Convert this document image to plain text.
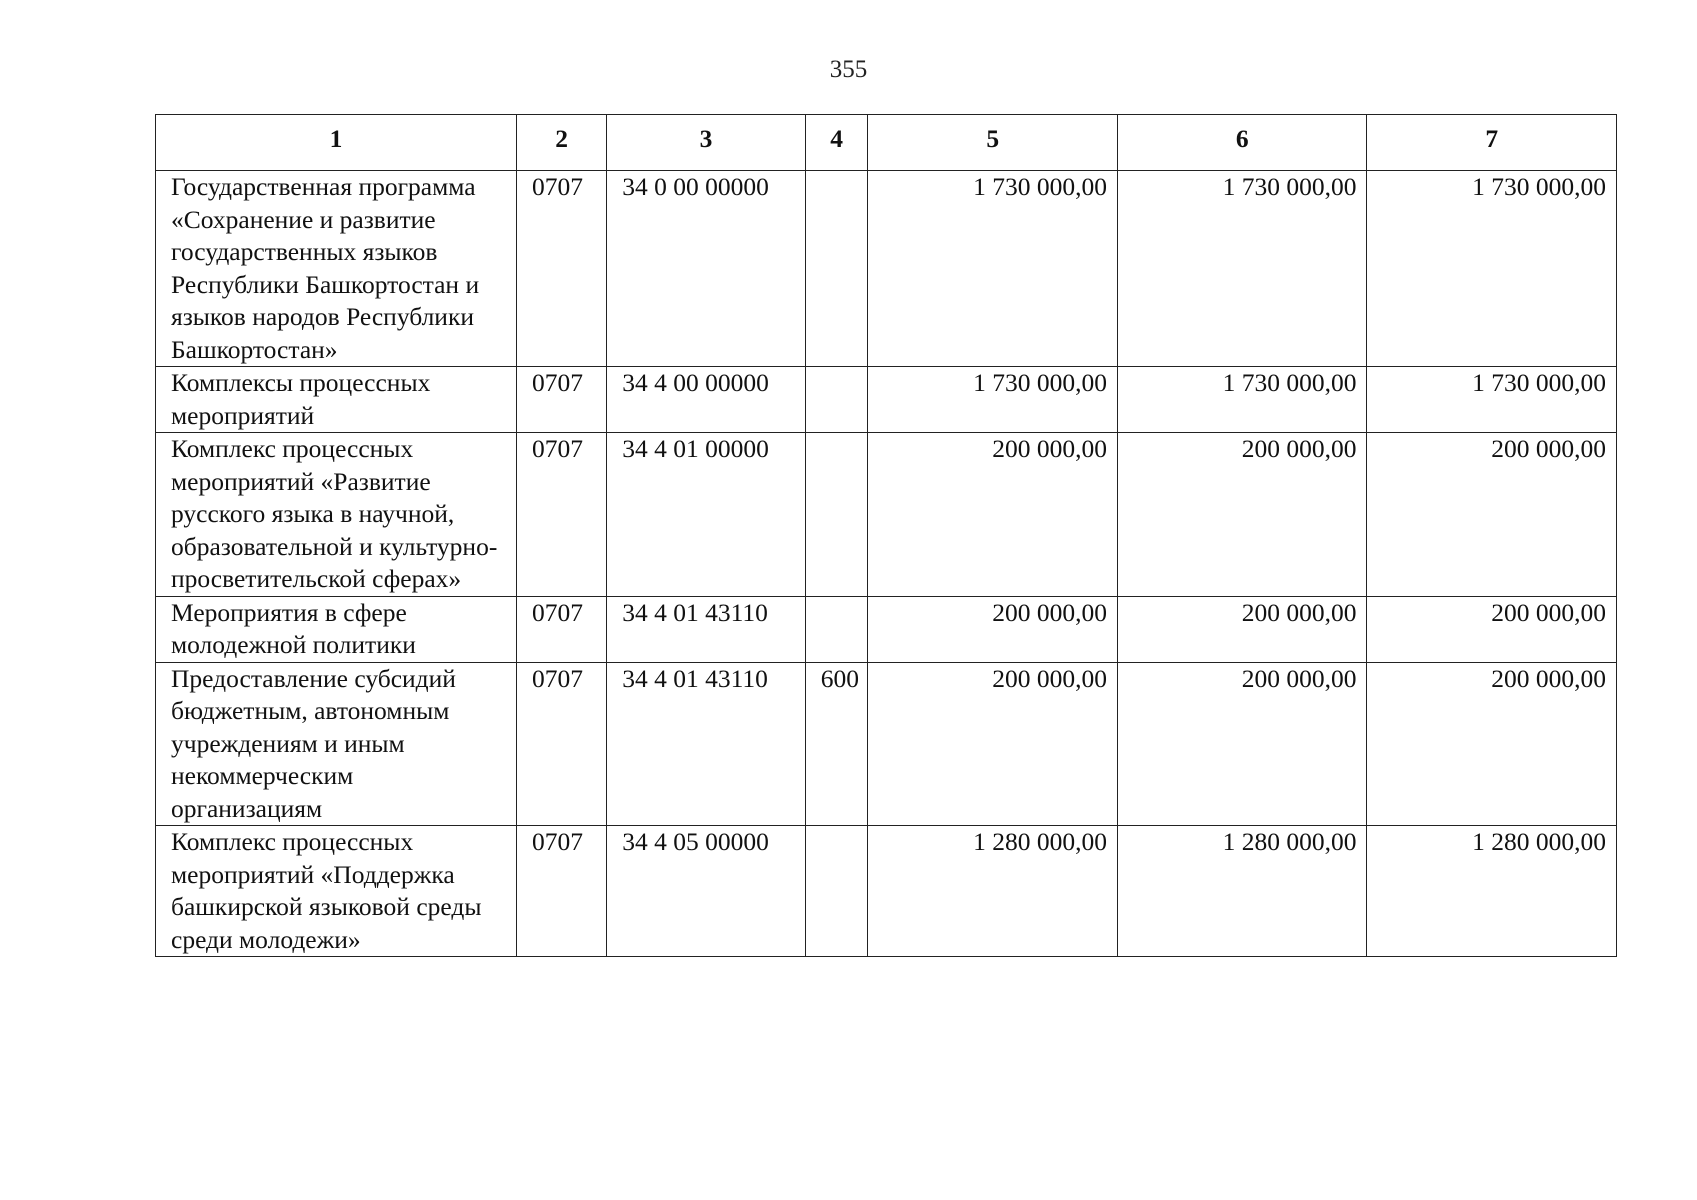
355
1	2	3	4	5	6	7
Государственная программа «Сохранение и развитие государственных языков Республики Башкортостан и языков народов Республики Башкортостан»	0707	34 0 00 00000		1 730 000,00	1 730 000,00	1 730 000,00
Комплексы процессных мероприятий	0707	34 4 00 00000		1 730 000,00	1 730 000,00	1 730 000,00
Комплекс процессных мероприятий «Развитие русского языка в научной, образовательной и культурно-просветительской сферах»	0707	34 4 01 00000		200 000,00	200 000,00	200 000,00
Мероприятия в сфере молодежной политики	0707	34 4 01 43110		200 000,00	200 000,00	200 000,00
Предоставление субсидий бюджетным, автономным учреждениям и иным некоммерческим организациям	0707	34 4 01 43110	600	200 000,00	200 000,00	200 000,00
Комплекс процессных мероприятий «Поддержка башкирской языковой среды среди молодежи»	0707	34 4 05 00000		1 280 000,00	1 280 000,00	1 280 000,00
